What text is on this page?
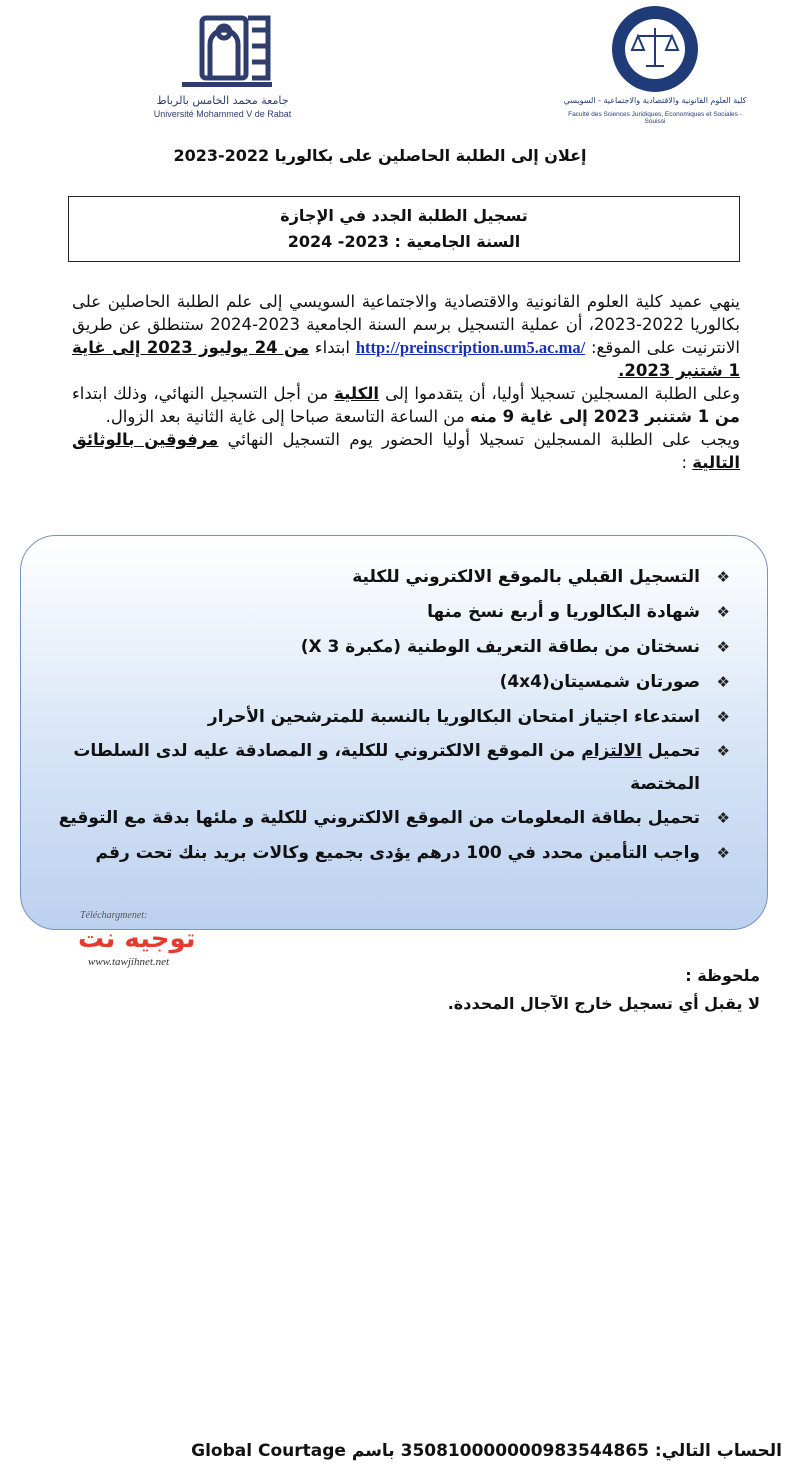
جامعة محمد الخامس بالرباط
Université Mohammed V de Rabat
كلية العلوم القانونية والاقتصادية والاجتماعية - السويسي
Faculté des Sciences Juridiques, Economiques et Sociales - Souissi
إعلان إلى الطلبة الحاصلين على بكالوريا 2022-2023
تسجيل الطلبة الجدد في الإجازة
السنة الجامعية : 2023- 2024

ينهي عميد كلية العلوم القانونية والاقتصادية والاجتماعية السويسي إلى علم الطلبة الحاصلين على بكالوريا 2022-2023، أن عملية التسجيل برسم السنة الجامعية 2023-2024 ستنطلق عن طريق الانترنيت على الموقع: http://preinscription.um5.ac.ma/ ابتداء من 24 يوليوز 2023 إلى غاية 1 شتنبر 2023.

وعلى الطلبة المسجلين تسجيلا أوليا، أن يتقدموا إلى الكلية من أجل التسجيل النهائي، وذلك ابتداء من 1 شتنبر 2023 إلى غاية 9 منه من الساعة التاسعة صباحا إلى غاية الثانية بعد الزوال.

ويجب على الطلبة المسجلين تسجيلا أوليا الحضور يوم التسجيل النهائي مرفوقين بالوثائق التالية :

❖
التسجيل القبلي بالموقع الالكتروني للكلية
❖
شهادة البكالوريا و أربع نسخ منها
❖
نسختان من بطاقة التعريف الوطنية (مكبرة 3 X)
❖
صورتان شمسيتان(4x4)
❖
استدعاء اجتياز امتحان البكالوريا بالنسبة للمترشحين الأحرار
❖
تحميل الالتزام من الموقع الالكتروني للكلية، و المصادقة عليه لدى السلطات المختصة
❖
تحميل بطاقة المعلومات من الموقع الالكتروني للكلية و ملئها بدقة مع التوقيع
❖
واجب التأمين محدد في 100 درهم يؤدى بجميع وكالات بريد بنك تحت رقم
الحساب التالي: 350810000000983544865 باسم Global Courtage
Téléchargmenet:
توجيه نت
www.tawjihnet.net
ملحوظة :
لا يقبل أي تسجيل خارج الآجال المحددة.
